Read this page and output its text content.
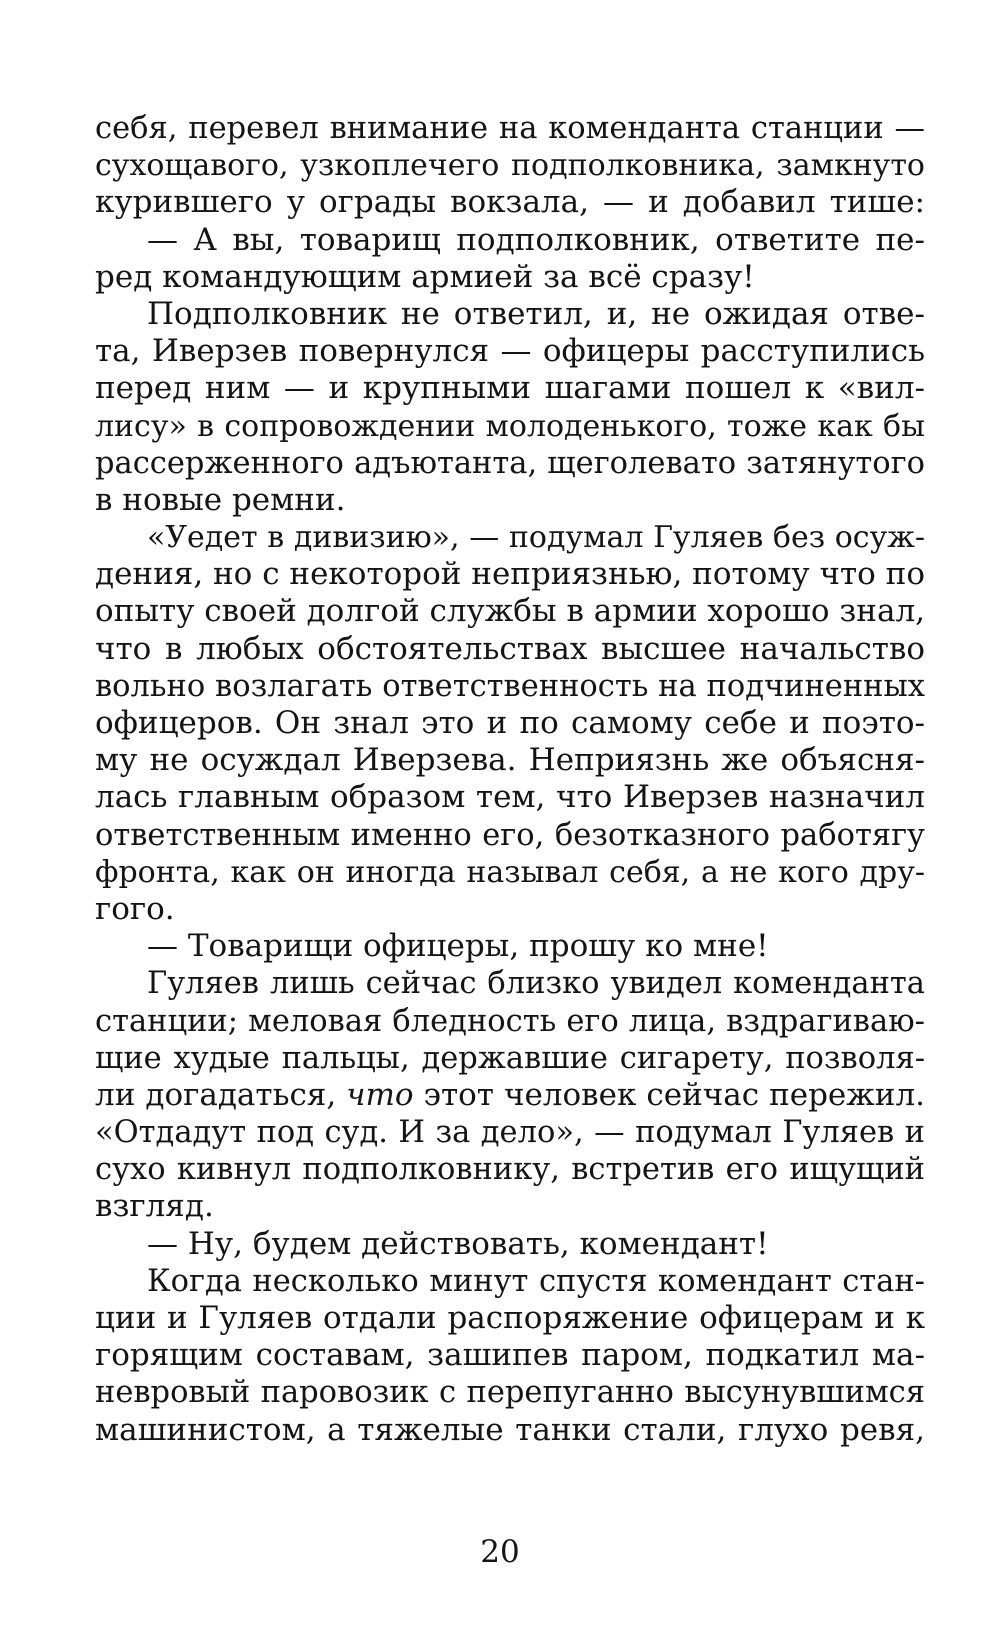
себя, перевел внимание на коменданта станции —
сухощавого, узкоплечего подполковника, замкнуто
курившего у ограды вокзала, — и добавил тише:
— А вы, товарищ подполковник, ответите пе-
ред командующим армией за всё сразу!
Подполковник не ответил, и, не ожидая отве-
та, Иверзев повернулся — офицеры расступились
перед ним — и крупными шагами пошел к «вил-
лису» в сопровождении молоденького, тоже как бы
рассерженного адъютанта, щеголевато затянутого
в новые ремни.
«Уедет в дивизию», — подумал Гуляев без осуж-
дения, но с некоторой неприязнью, потому что по
опыту своей долгой службы в армии хорошо знал,
что в любых обстоятельствах высшее начальство
вольно возлагать ответственность на подчиненных
офицеров. Он знал это и по самому себе и поэто-
му не осуждал Иверзева. Неприязнь же объясня-
лась главным образом тем, что Иверзев назначил
ответственным именно его, безотказного работягу
фронта, как он иногда называл себя, а не кого дру-
гого.
— Товарищи офицеры, прошу ко мне!
Гуляев лишь сейчас близко увидел коменданта
станции; меловая бледность его лица, вздрагиваю-
щие худые пальцы, державшие сигарету, позволя-
ли догадаться, что этот человек сейчас пережил.
«Отдадут под суд. И за дело», — подумал Гуляев и
сухо кивнул подполковнику, встретив его ищущий
взгляд.
— Ну, будем действовать, комендант!
Когда несколько минут спустя комендант стан-
ции и Гуляев отдали распоряжение офицерам и к
горящим составам, зашипев паром, подкатил ма-
невровый паровозик с перепуганно высунувшимся
машинистом, а тяжелые танки стали, глухо ревя,
20
